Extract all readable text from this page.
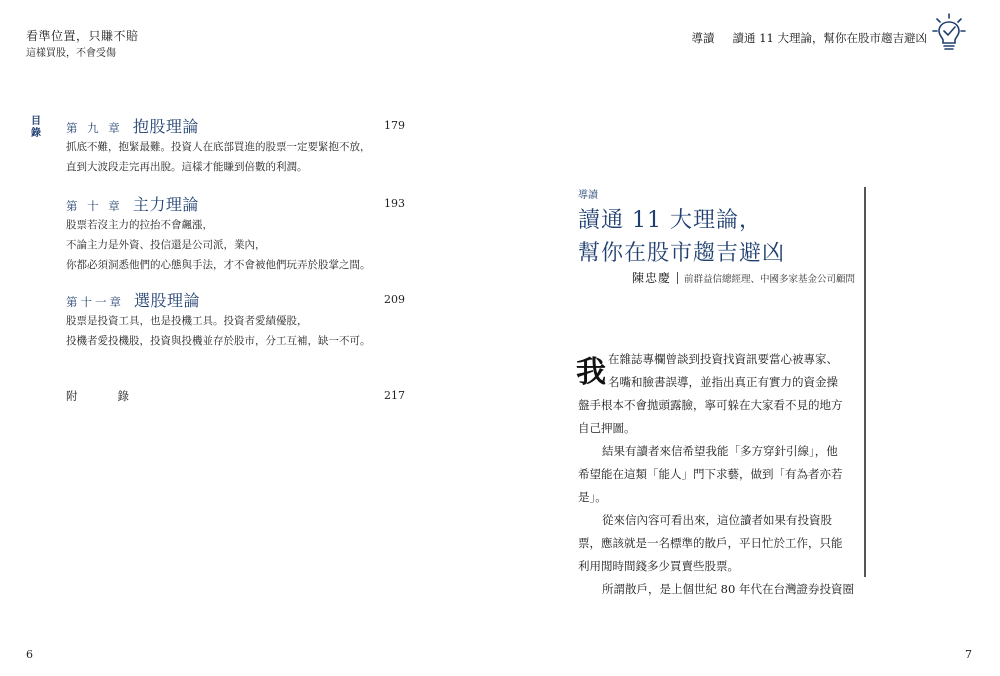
看準位置，只賺不賠
這樣買股，不會受傷
導讀 讀通 11 大理論，幫你在股市趨吉避凶
目錄 第 九 章 抱股理論	179
抓底不難，抱緊最難。投資人在底部買進的股票一定要緊抱不放，
直到大波段走完再出脫。這樣才能賺到倍數的利潤。
第 十 章 主力理論	193
股票若沒主力的拉抬不會飆漲，
不論主力是外資、投信還是公司派，業內，
你都必須洞悉他們的心態與手法，才不會被他們玩弄於股掌之間。
第十一章 選股理論	209
股票是投資工具，也是投機工具。投資者愛績優股，
投機者愛投機股，投資與投機並存於股市，分工互補，缺一不可。
附	錄	217
6	7
導讀
讀通 11 大理論，
幫你在股市趨吉避凶
陳忠慶 前群益信總經理、中國多家基金公司顧問
我 在雜誌專欄曾談到投資找資訊要當心被專家、
名嘴和臉書誤導，並指出真正有實力的資金操
盤手根本不會拋頭露臉，寧可躲在大家看不見的地方
自己押圖。
結果有讀者來信希望我能「多方穿針引線」，他
希望能在這類「能人」門下求藝，做到「有為者亦若
是」。
從來信內容可看出來，這位讀者如果有投資股
票，應該就是一名標準的散戶，平日忙於工作，只能
利用閒時間錢多少買賣些股票。
所謂散戶，是上個世紀 80 年代在台灣證券投資圈
